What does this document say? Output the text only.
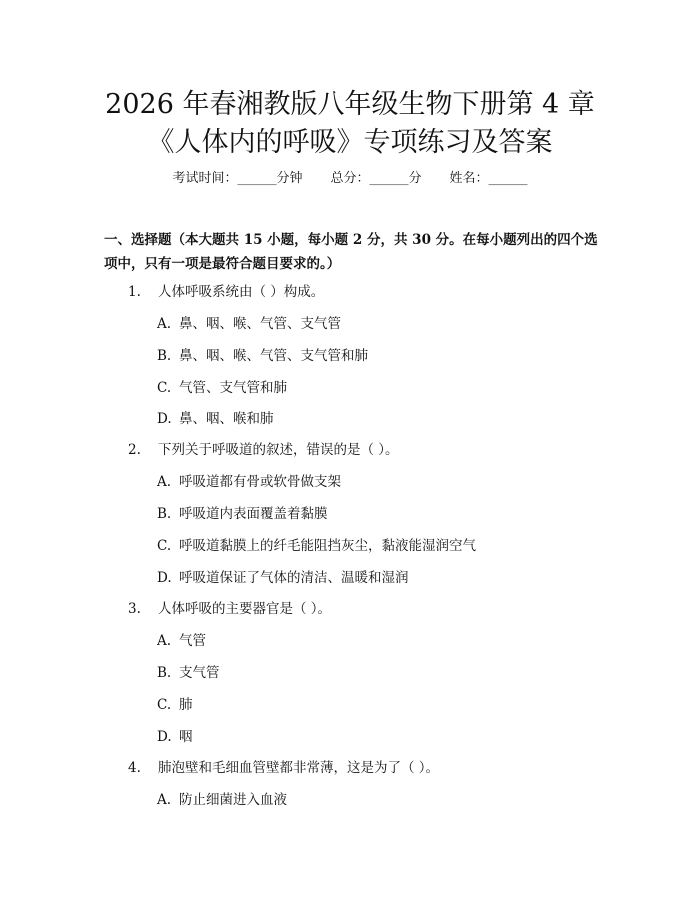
2026 年春湘教版八年级生物下册第 4 章《人体内的呼吸》专项练习及答案
考试时间：______分钟 总分：______分 姓名：______
一、选择题（本大题共 15 小题，每小题 2 分，共 30 分。在每小题列出的四个选项中，只有一项是最符合题目要求的。）
1. 人体呼吸系统由（ ）构成。
A. 鼻、咽、喉、气管、支气管
B. 鼻、咽、喉、气管、支气管和肺
C. 气管、支气管和肺
D. 鼻、咽、喉和肺
2. 下列关于呼吸道的叙述，错误的是（ ）。
A. 呼吸道都有骨或软骨做支架
B. 呼吸道内表面覆盖着黏膜
C. 呼吸道黏膜上的纤毛能阻挡灰尘，黏液能湿润空气
D. 呼吸道保证了气体的清洁、温暖和湿润
3. 人体呼吸的主要器官是（ ）。
A. 气管
B. 支气管
C. 肺
D. 咽
4. 肺泡壁和毛细血管壁都非常薄，这是为了（ ）。
A. 防止细菌进入血液
